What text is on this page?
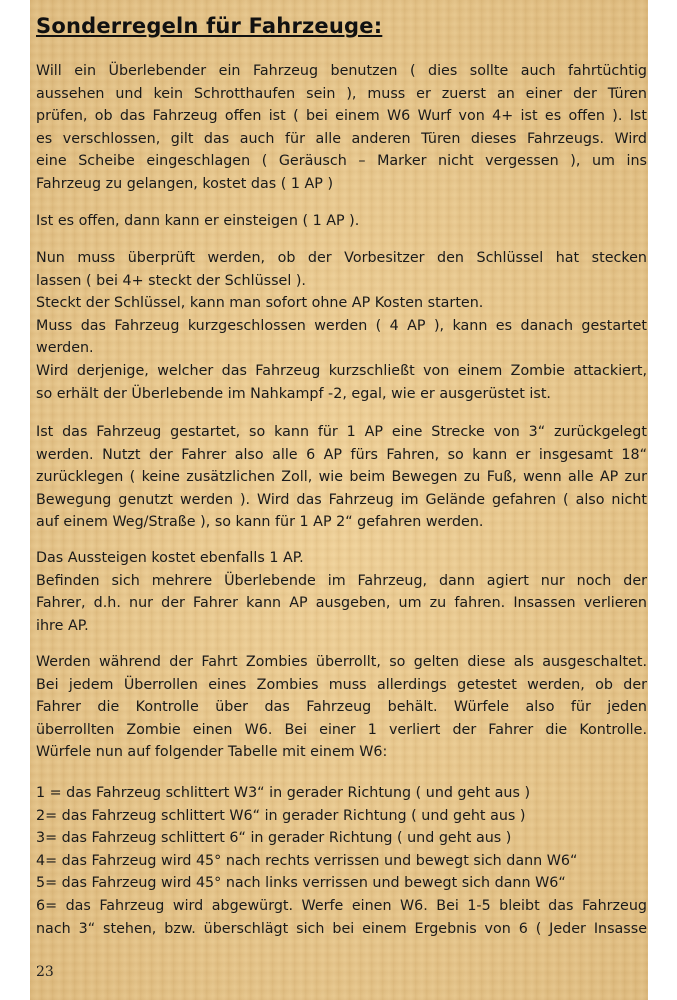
Sonderregeln für Fahrzeuge:

Will ein Überlebender ein Fahrzeug benutzen ( dies sollte auch fahrtüchtig
aussehen und kein Schrotthaufen sein ), muss er zuerst an einer der Türen
prüfen, ob das Fahrzeug offen ist ( bei einem W6 Wurf von 4+ ist es offen ). Ist
es verschlossen, gilt das auch für alle anderen Türen dieses Fahrzeugs. Wird
eine Scheibe eingeschlagen ( Geräusch – Marker nicht vergessen ), um ins
Fahrzeug zu gelangen, kostet das ( 1 AP )

Ist es offen, dann kann er einsteigen ( 1 AP ).

Nun muss überprüft werden, ob der Vorbesitzer den Schlüssel hat stecken
lassen ( bei 4+ steckt der Schlüssel ).
Steckt der Schlüssel, kann man sofort ohne AP Kosten starten.
Muss das Fahrzeug kurzgeschlossen werden ( 4 AP ), kann es danach gestartet
werden.
Wird derjenige, welcher das Fahrzeug kurzschließt von einem Zombie attackiert,
so erhält der Überlebende im Nahkampf -2, egal, wie er ausgerüstet ist.

Ist das Fahrzeug gestartet, so kann für 1 AP eine Strecke von 3“ zurückgelegt
werden. Nutzt der Fahrer also alle 6 AP fürs Fahren, so kann er insgesamt 18“
zurücklegen ( keine zusätzlichen Zoll, wie beim Bewegen zu Fuß, wenn alle AP zur
Bewegung genutzt werden ). Wird das Fahrzeug im Gelände gefahren ( also nicht
auf einem Weg/Straße ), so kann für 1 AP 2“ gefahren werden.

Das Aussteigen kostet ebenfalls 1 AP.
Befinden sich mehrere Überlebende im Fahrzeug, dann agiert nur noch der
Fahrer, d.h. nur der Fahrer kann AP ausgeben, um zu fahren. Insassen verlieren
ihre AP.

Werden während der Fahrt Zombies überrollt, so gelten diese als ausgeschaltet.
Bei jedem Überrollen eines Zombies muss allerdings getestet werden, ob der
Fahrer die Kontrolle über das Fahrzeug behält. Würfele also für jeden
überrollten Zombie einen W6. Bei einer 1 verliert der Fahrer die Kontrolle.
Würfele nun auf folgender Tabelle mit einem W6:

1 = das Fahrzeug schlittert W3“ in gerader Richtung ( und geht aus )
2= das Fahrzeug schlittert W6“ in gerader Richtung ( und geht aus )
3= das Fahrzeug schlittert 6“ in gerader Richtung ( und geht aus )
4= das Fahrzeug wird 45° nach rechts verrissen und bewegt sich dann W6“
5= das Fahrzeug wird 45° nach links verrissen und bewegt sich dann W6“
6= das Fahrzeug wird abgewürgt. Werfe einen W6. Bei 1-5 bleibt das Fahrzeug
nach 3“ stehen, bzw. überschlägt sich bei einem Ergebnis von 6 ( Jeder Insasse

23
